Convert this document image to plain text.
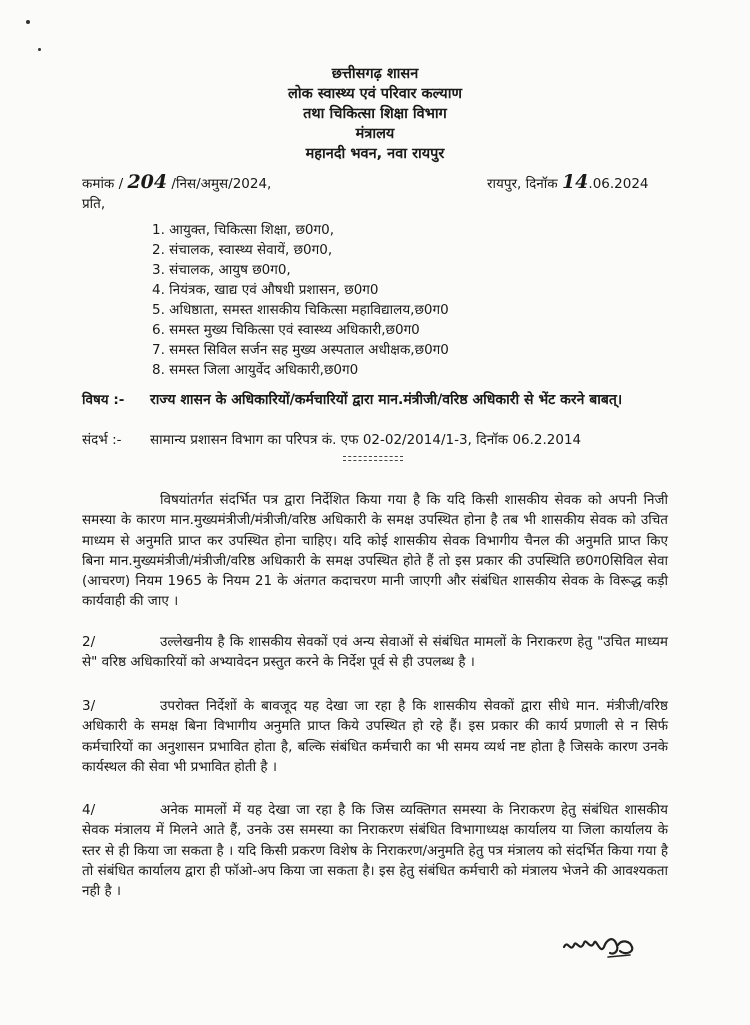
छत्तीसगढ़ शासन
लोक स्वास्थ्य एवं परिवार कल्याण
तथा चिकित्सा शिक्षा विभाग
मंत्रालय
महानदी भवन, नवा रायपुर
कमांक / 204 /निस/अमुस/2024,	रायपुर, दिनॉक 14.06.2024
प्रति,
1. आयुक्त, चिकित्सा शिक्षा, छ0ग0,
2. संचालक, स्वास्थ्य सेवायें, छ0ग0,
3. संचालक, आयुष छ0ग0,
4. नियंत्रक, खाद्य एवं औषधी प्रशासन, छ0ग0
5. अधिष्ठाता, समस्त शासकीय चिकित्सा महाविद्यालय,छ0ग0
6. समस्त मुख्य चिकित्सा एवं स्वास्थ्य अधिकारी,छ0ग0
7. समस्त सिविल सर्जन सह मुख्य अस्पताल अधीक्षक,छ0ग0
8. समस्त जिला आयुर्वेद अधिकारी,छ0ग0
विषय :- राज्य शासन के अधिकारियों/कर्मचारियों द्वारा मान.मंत्रीजी/वरिष्ठ अधिकारी से भेंट करने बाबत्।
संदर्भ :- सामान्य प्रशासन विभाग का परिपत्र कं. एफ 02-02/2014/1-3, दिनॉक 06.2.2014
विषयांतर्गत संदर्भित पत्र द्वारा निर्देशित किया गया है कि यदि किसी शासकीय सेवक को अपनी निजी समस्या के कारण मान.मुख्यमंत्रीजी/मंत्रीजी/वरिष्ठ अधिकारी के समक्ष उपस्थित होना है तब भी शासकीय सेवक को उचित माध्यम से अनुमति प्राप्त कर उपस्थित होना चाहिए। यदि कोई शासकीय सेवक विभागीय चैनल की अनुमति प्राप्त किए बिना मान.मुख्यमंत्रीजी/मंत्रीजी/वरिष्ठ अधिकारी के समक्ष उपस्थित होते हैं तो इस प्रकार की उपस्थिति छ0ग0सिविल सेवा (आचरण) नियम 1965 के नियम 21 के अंतगत कदाचरण मानी जाएगी और संबंधित शासकीय सेवक के विरूद्ध कड़ी कार्यवाही की जाए ।
2/	उल्लेखनीय है कि शासकीय सेवकों एवं अन्य सेवाओं से संबंधित मामलों के निराकरण हेतु "उचित माध्यम से" वरिष्ठ अधिकारियों को अभ्यावेदन प्रस्तुत करने के निर्देश पूर्व से ही उपलब्ध है ।
3/	उपरोक्त निर्देशों के बावजूद यह देखा जा रहा है कि शासकीय सेवकों द्वारा सीधे मान. मंत्रीजी/वरिष्ठ अधिकारी के समक्ष बिना विभागीय अनुमति प्राप्त किये उपस्थित हो रहे हैं। इस प्रकार की कार्य प्रणाली से न सिर्फ कर्मचारियों का अनुशासन प्रभावित होता है, बल्कि संबंधित कर्मचारी का भी समय व्यर्थ नष्ट होता है जिसके कारण उनके कार्यस्थल की सेवा भी प्रभावित होती है ।
4/	अनेक मामलों में यह देखा जा रहा है कि जिस व्यक्तिगत समस्या के निराकरण हेतु संबंधित शासकीय सेवक मंत्रालय में मिलने आते हैं, उनके उस समस्या का निराकरण संबंधित विभागाध्यक्ष कार्यालय या जिला कार्यालय के स्तर से ही किया जा सकता है । यदि किसी प्रकरण विशेष के निराकरण/अनुमति हेतु पत्र मंत्रालय को संदर्भित किया गया है तो संबंधित कार्यालय द्वारा ही फॉओ-अप किया जा सकता है। इस हेतु संबंधित कर्मचारी को मंत्रालय भेजने की आवश्यकता नही है ।
